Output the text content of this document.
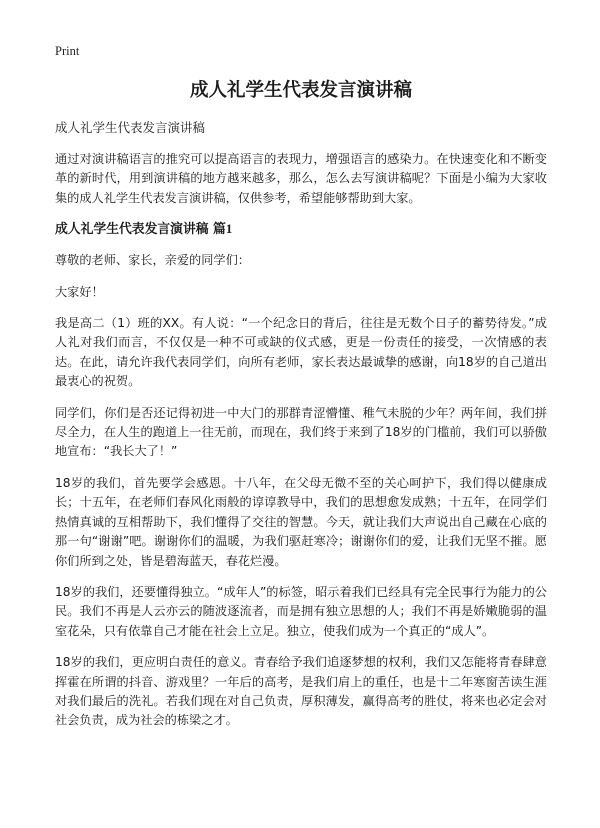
Print
成人礼学生代表发言演讲稿

成人礼学生代表发言演讲稿

通过对演讲稿语言的推究可以提高语言的表现力，增强语言的感染力。在快速变化和不断变革的新时代，用到演讲稿的地方越来越多，那么，怎么去写演讲稿呢？下面是小编为大家收集的成人礼学生代表发言演讲稿，仅供参考，希望能够帮助到大家。

成人礼学生代表发言演讲稿 篇1

尊敬的老师、家长，亲爱的同学们：

大家好！

我是高二（1）班的XX。有人说：“一个纪念日的背后，往往是无数个日子的蓄势待发。”成人礼对我们而言，不仅仅是一种不可或缺的仪式感，更是一份责任的接受，一次情感的表达。在此，请允许我代表同学们，向所有老师，家长表达最诚挚的感谢，向18岁的自己道出最衷心的祝贺。

同学们，你们是否还记得初进一中大门的那群青涩懵懂、稚气未脱的少年？两年间，我们拼尽全力，在人生的跑道上一往无前，而现在，我们终于来到了18岁的门槛前，我们可以骄傲地宣布：“我长大了！”

18岁的我们，首先要学会感恩。十八年，在父母无微不至的关心呵护下，我们得以健康成长；十五年，在老师们春风化雨般的谆谆教导中，我们的思想愈发成熟；十五年，在同学们热情真诚的互相帮助下，我们懂得了交往的智慧。今天，就让我们大声说出自己藏在心底的那一句“谢谢”吧。谢谢你们的温暖，为我们驱赶寒冷；谢谢你们的爱，让我们无坚不摧。愿你们所到之处，皆是碧海蓝天，春花烂漫。

18岁的我们，还要懂得独立。“成年人”的标签，昭示着我们已经具有完全民事行为能力的公民。我们不再是人云亦云的随波逐流者，而是拥有独立思想的人；我们不再是娇嫩脆弱的温室花朵，只有依靠自己才能在社会上立足。独立，使我们成为一个真正的“成人”。

18岁的我们，更应明白责任的意义。青春给予我们追逐梦想的权利，我们又怎能将青春肆意挥霍在所谓的抖音、游戏里？一年后的高考，是我们肩上的重任，也是十二年寒窗苦读生涯对我们最后的洗礼。若我们现在对自己负责，厚积薄发，赢得高考的胜仗，将来也必定会对社会负责，成为社会的栋梁之才。
